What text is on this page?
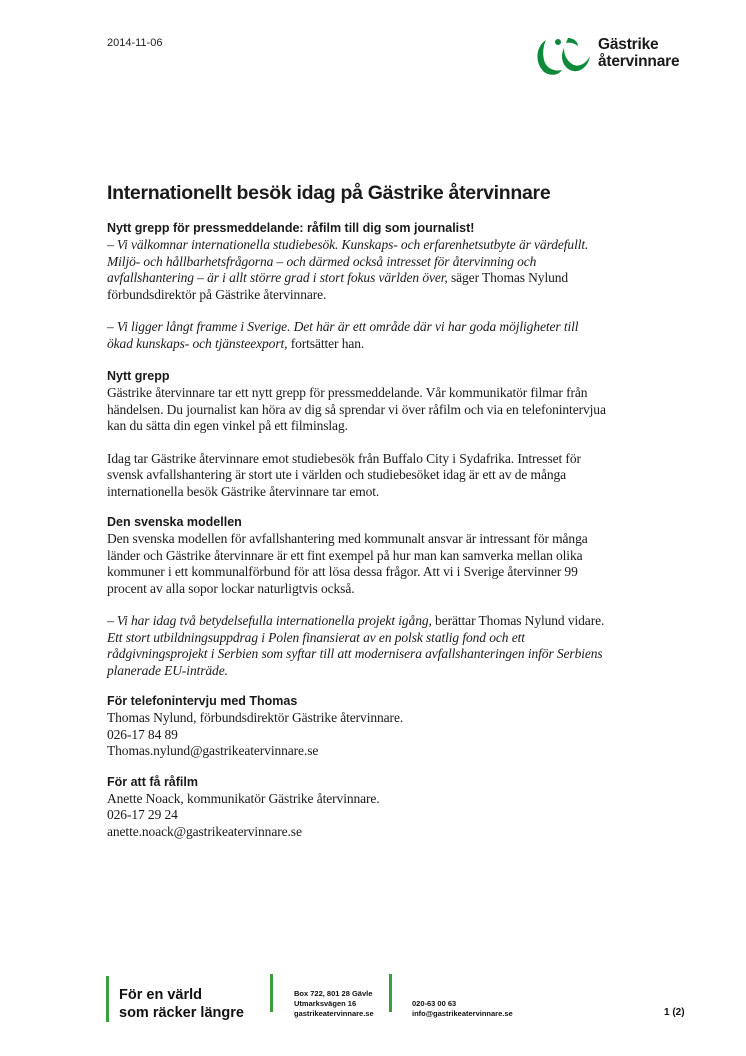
2014-11-06	Gästrike
återvinnare
Internationellt besök idag på Gästrike återvinnare
Nytt grepp för pressmeddelande: råfilm till dig som journalist!

– Vi välkomnar internationella studiebesök. Kunskaps- och erfarenhetsutbyte är värdefullt. Miljö- och hållbarhetsfrågorna – och därmed också intresset för återvinning och avfallshantering – är i allt större grad i stort fokus världen över, säger Thomas Nylund förbundsdirektör på Gästrike återvinnare.

– Vi ligger långt framme i Sverige. Det här är ett område där vi har goda möjligheter till ökad kunskaps- och tjänsteexport, fortsätter han.

Nytt grepp

Gästrike återvinnare tar ett nytt grepp för pressmeddelande. Vår kommunikatör filmar från händelsen. Du journalist kan höra av dig så sprendar vi över råfilm och via en telefonintervjua kan du sätta din egen vinkel på ett filminslag.

Idag tar Gästrike återvinnare emot studiebesök från Buffalo City i Sydafrika. Intresset för svensk avfallshantering är stort ute i världen och studiebesöket idag är ett av de många internationella besök Gästrike återvinnare tar emot.

Den svenska modellen

Den svenska modellen för avfallshantering med kommunalt ansvar är intressant för många länder och Gästrike återvinnare är ett fint exempel på hur man kan samverka mellan olika kommuner i ett kommunalförbund för att lösa dessa frågor. Att vi i Sverige återvinner 99 procent av alla sopor lockar naturligtvis också.

– Vi har idag två betydelsefulla internationella projekt igång, berättar Thomas Nylund vidare. Ett stort utbildningsuppdrag i Polen finansierat av en polsk statlig fond och ett rådgivningsprojekt i Serbien som syftar till att modernisera avfallshanteringen inför Serbiens planerade EU-inträde.

För telefonintervju med Thomas

Thomas Nylund, förbundsdirektör Gästrike återvinnare.

026-17 84 89

Thomas.nylund@gastrikeatervinnare.se

För att få råfilm

Anette Noack, kommunikatör Gästrike återvinnare.

026-17 29 24

anette.noack@gastrikeatervinnare.se

För en värld
som räcker längre
Box 722, 801 28 Gävle
Utmarksvägen 16
gastrikeatervinnare.se
020-63 00 63
info@gastrikeatervinnare.se	1 (2)
